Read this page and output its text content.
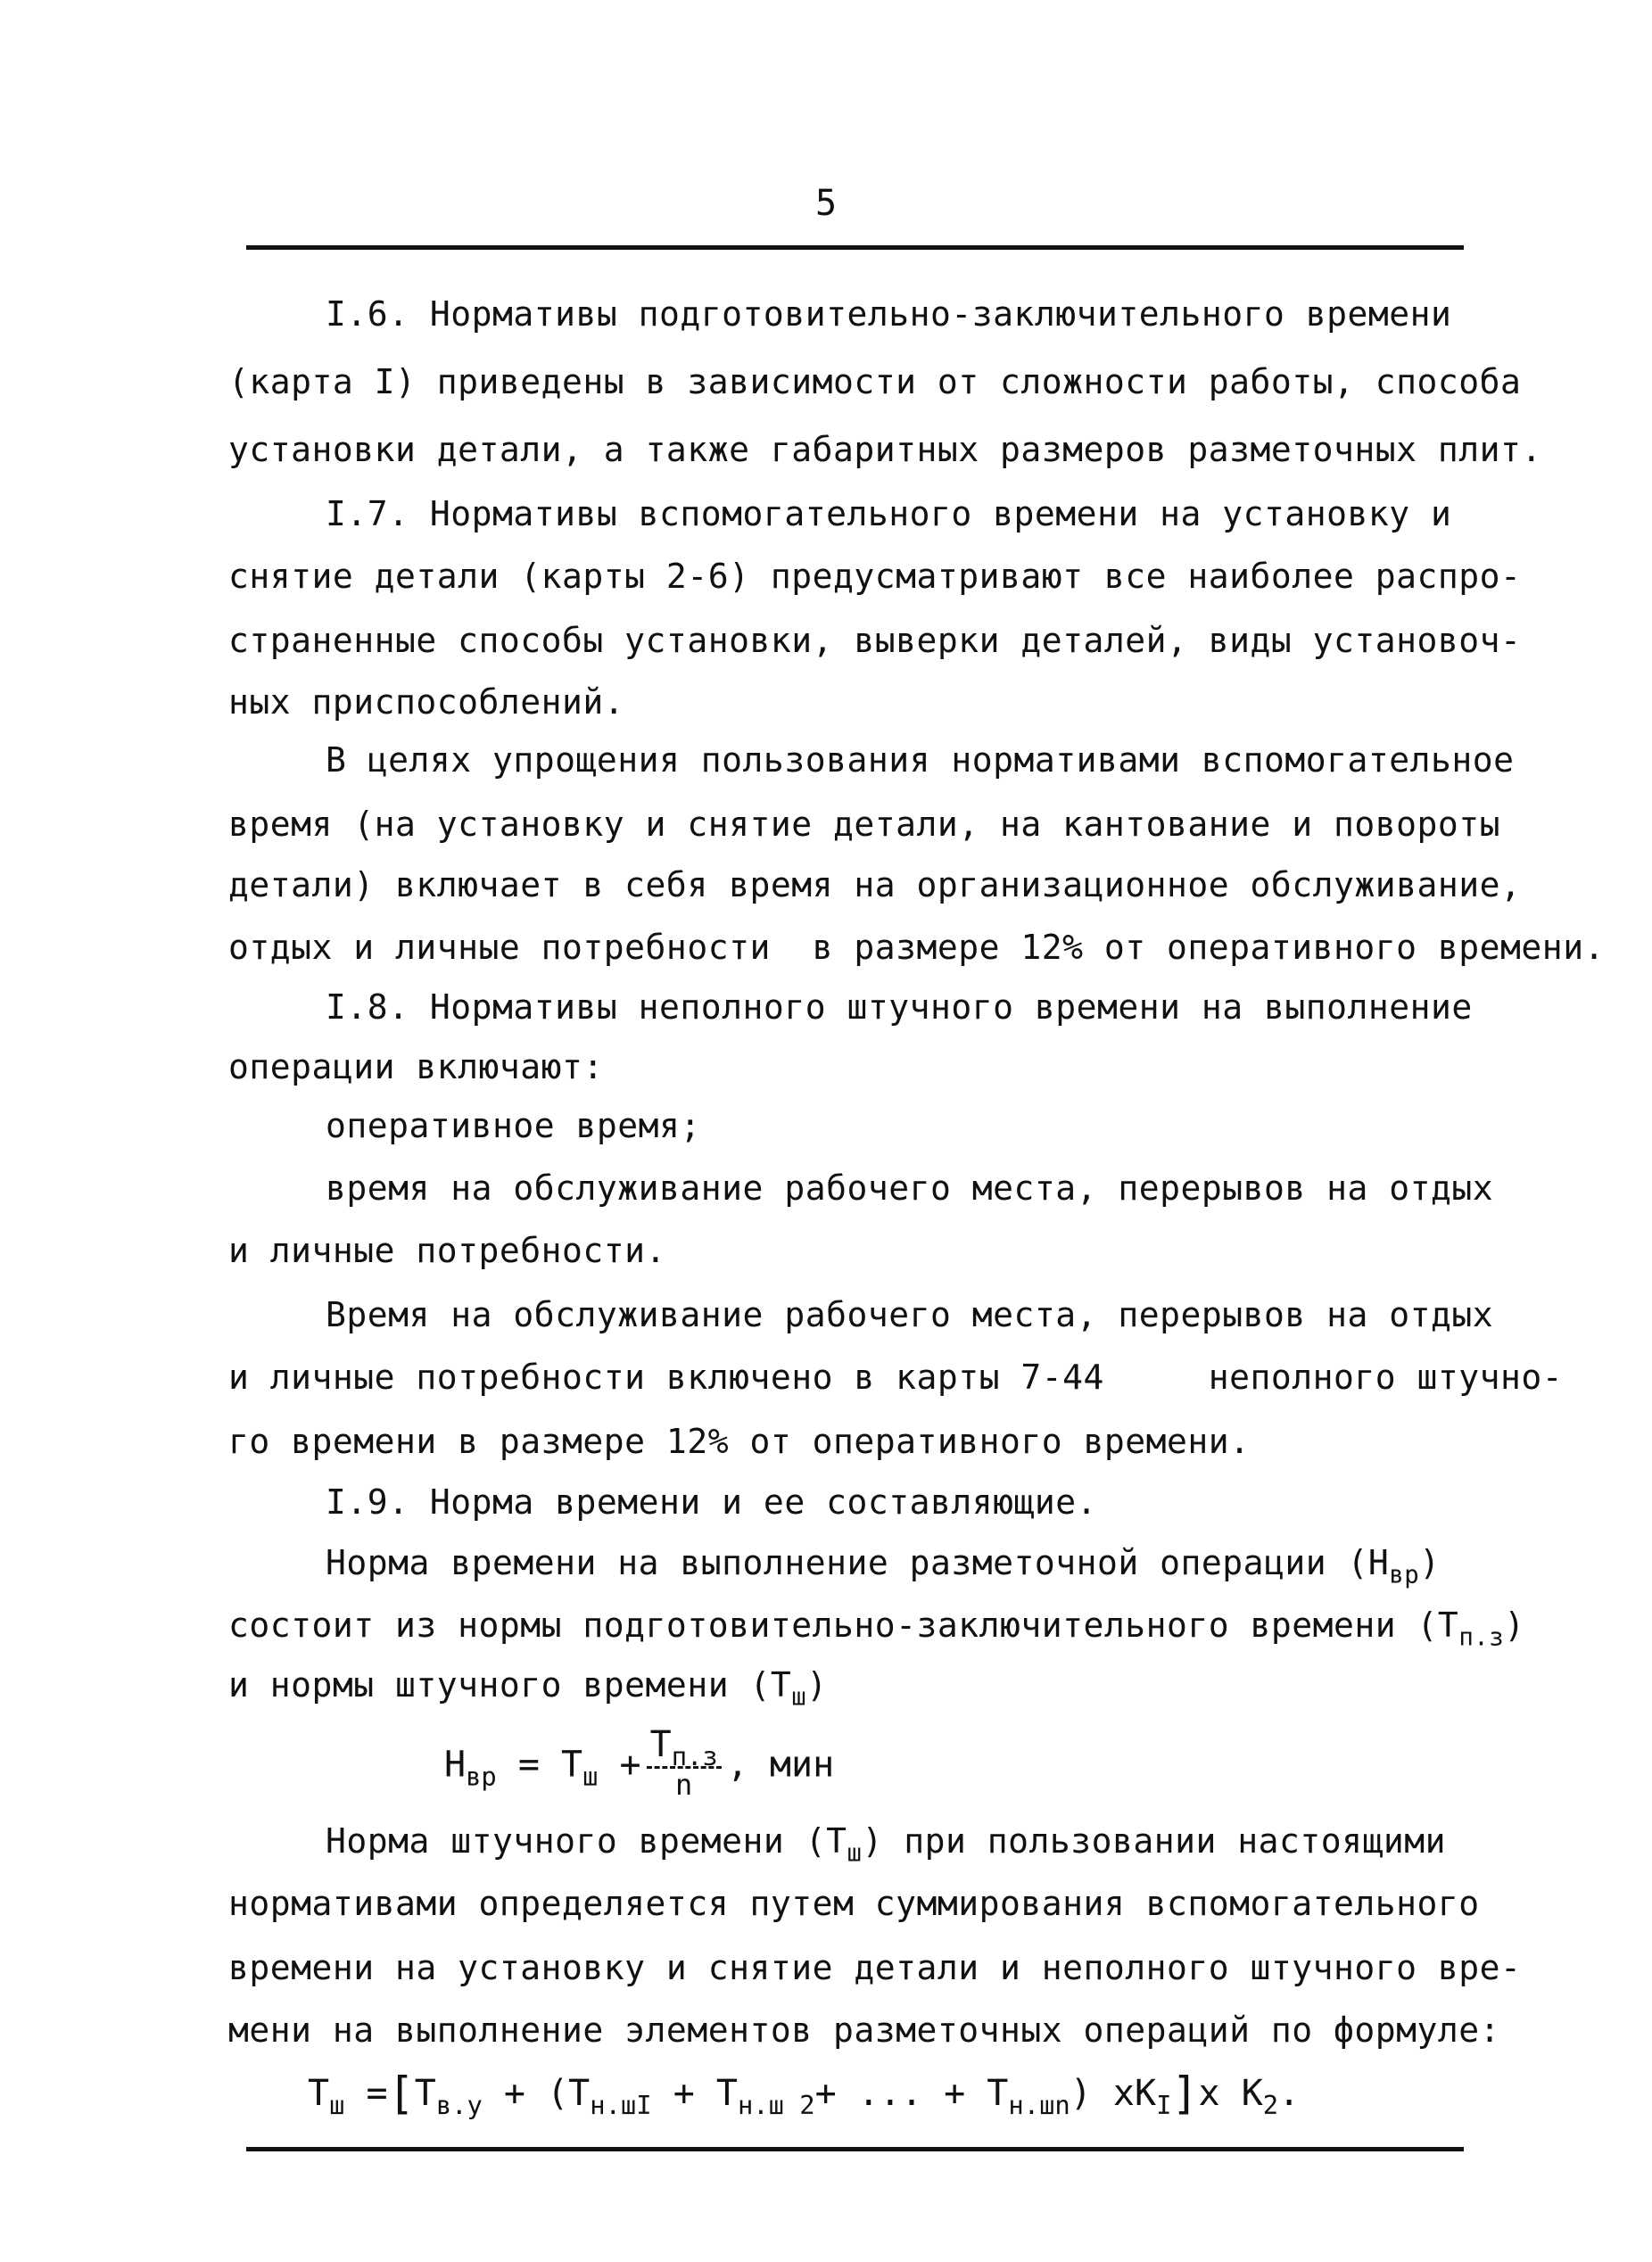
5
I.6. Нормативы подготовительно-заключительного времени
(карта I) приведены в зависимости от сложности работы, способа
установки детали, а также габаритных размеров разметочных плит.
I.7. Нормативы вспомогательного времени на установку и
снятие детали (карты 2-6) предусматривают все наиболее распро-
страненные способы установки, выверки деталей, виды установоч-
ных приспособлений.
В целях упрощения пользования нормативами вспомогательное
время (на установку и снятие детали, на кантование и повороты
детали) включает в себя время на организационное обслуживание,
отдых и личные потребности  в размере 12% от оперативного времени.
I.8. Нормативы неполного штучного времени на выполнение
операции включают:
оперативное время;
время на обслуживание рабочего места, перерывов на отдых
и личные потребности.
Время на обслуживание рабочего места, перерывов на отдых
и личные потребности включено в карты 7-44     неполного штучно-
го времени в размере 12% от оперативного времени.
I.9. Норма времени и ее составляющие.
Норма времени на выполнение разметочной операции $(Н_{вр})$
состоит из нормы подготовительно-заключительного времени $(Т_{п.з})$
и нормы штучного времени $(Т_ш)$
$Н_{вр} = Т_ш + \frac{Т_{п.з}}{n}$ , мин
Норма штучного времени $(Т_ш)$ при пользовании настоящими
нормативами определяется путем суммирования вспомогательного
времени на установку и снятие детали и неполного штучного вре-
мени на выполнение элементов разметочных операций по формуле:
$Т_ш =[Т_{в.у} + (Т_{н.шI} + Т_{н.ш 2}+$ ... + $Т_{н.шn}$) $хК_I]х$ $К_2$.
